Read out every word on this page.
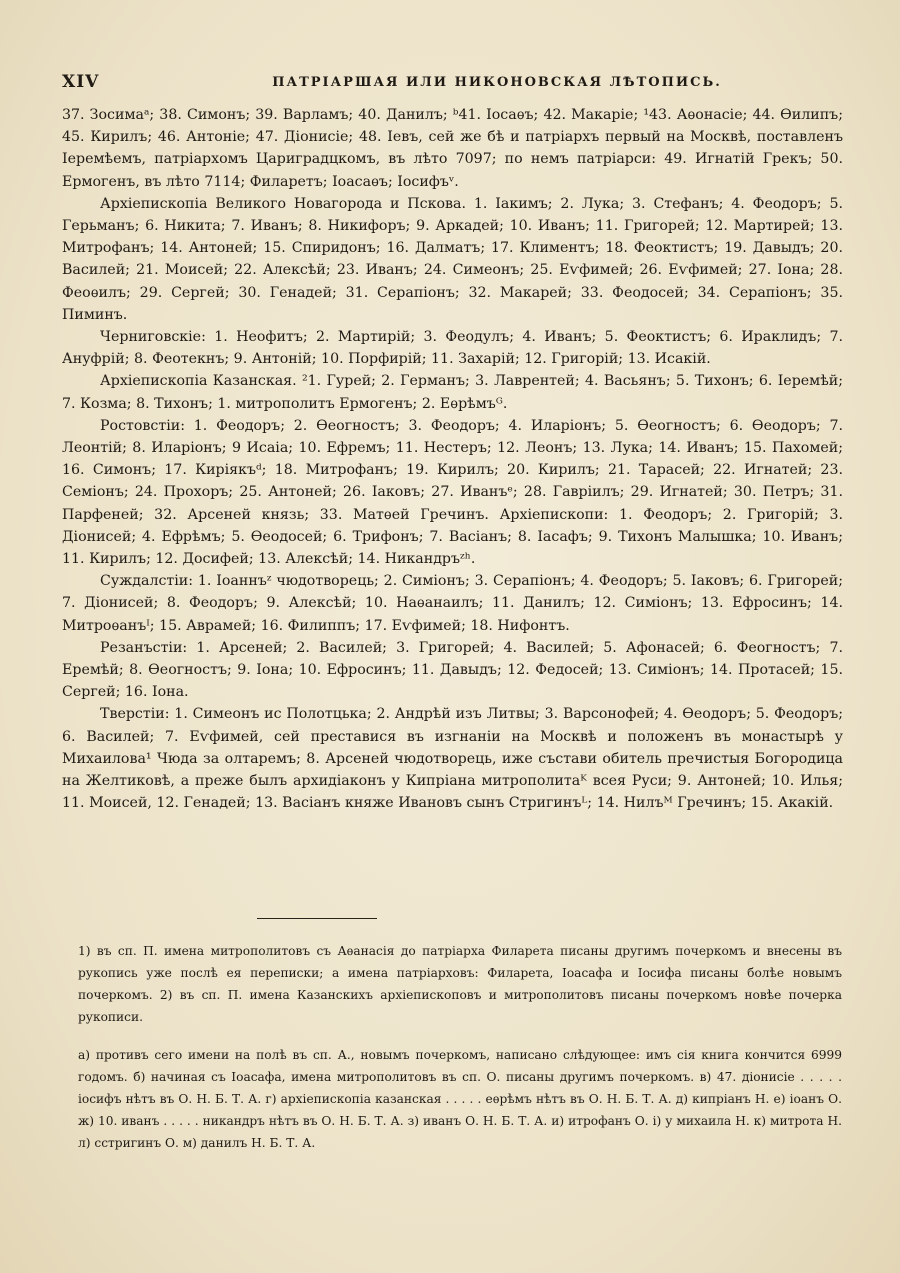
XIV	ПАТРІАРШАЯ ИЛИ НИКОНОВСКАЯ ЛѢТОПИСЬ.

37. Зосимаᵃ; 38. Симонъ; 39. Варламъ; 40. Данилъ; ᵇ41. Іосаѳъ; 42. Макаріе; ¹43. Аѳонасіе; 44. Ѳилипъ; 45. Кирилъ; 46. Антоніе; 47. Діонисіе; 48. Іевъ, сей же бѣ и патріархъ первый на Москвѣ, поставленъ Іеремѣемъ, патріархомъ Цариградцкомъ, въ лѣто 7097; по немъ патріарси: 49. Игнатій Грекъ; 50. Ермогенъ, въ лѣто 7114; Филаретъ; Іоасаѳъ; Іосифъᵛ.

Архіепископіа Великого Новагорода и Пскова. 1. Іакимъ; 2. Лука; 3. Стефанъ; 4. Феодоръ; 5. Герьманъ; 6. Никита; 7. Иванъ; 8. Никифоръ; 9. Аркадей; 10. Иванъ; 11. Григорей; 12. Мартирей; 13. Митрофанъ; 14. Антоней; 15. Спиридонъ; 16. Далматъ; 17. Климентъ; 18. Феоктистъ; 19. Давыдъ; 20. Василей; 21. Моисей; 22. Алексѣй; 23. Иванъ; 24. Симеонъ; 25. Еѵфимей; 26. Еѵфимей; 27. Іона; 28. Феоѳилъ; 29. Сергей; 30. Генадей; 31. Серапіонъ; 32. Макарей; 33. Феодосей; 34. Серапіонъ; 35. Пиминъ.

Черниговскіе: 1. Неофитъ; 2. Мартирій; 3. Феодулъ; 4. Иванъ; 5. Феоктистъ; 6. Ираклидъ; 7. Ануфрій; 8. Феотекнъ; 9. Антоній; 10. Порфирій; 11. Захарій; 12. Григорій; 13. Исакій.

Архіепископіа Казанская. ²1. Гурей; 2. Германъ; 3. Лаврентей; 4. Васьянъ; 5. Тихонъ; 6. Іеремѣй; 7. Козма; 8. Тихонъ; 1. митрополитъ Ермогенъ; 2. Еѳрѣмъᴳ.

Ростовстіи: 1. Феодоръ; 2. Ѳеогностъ; 3. Феодоръ; 4. Иларіонъ; 5. Ѳеогностъ; 6. Ѳеодоръ; 7. Леонтій; 8. Иларіонъ; 9 Исаіа; 10. Ефремъ; 11. Нестеръ; 12. Леонъ; 13. Лука; 14. Иванъ; 15. Пахомей; 16. Симонъ; 17. Киріякъᵈ; 18. Митрофанъ; 19. Кирилъ; 20. Кирилъ; 21. Тарасей; 22. Игнатей; 23. Семіонъ; 24. Прохоръ; 25. Антоней; 26. Іаковъ; 27. Иванъᵉ; 28. Гавріилъ; 29. Игнатей; 30. Петръ; 31. Парфеней; 32. Арсеней князь; 33. Матѳей Гречинъ. Архіепископи: 1. Феодоръ; 2. Григорій; 3. Діонисей; 4. Ефрѣмъ; 5. Ѳеодосей; 6. Трифонъ; 7. Васіанъ; 8. Іасафъ; 9. Тихонъ Малышка; 10. Иванъ; 11. Кирилъ; 12. Досифей; 13. Алексѣй; 14. Никандръᶻʰ.

Суждалстіи: 1. Іоаннъᶻ чюдотворець; 2. Симіонъ; 3. Серапіонъ; 4. Феодоръ; 5. Іаковъ; 6. Григорей; 7. Діонисей; 8. Феодоръ; 9. Алексѣй; 10. Наѳанаилъ; 11. Данилъ; 12. Симіонъ; 13. Ефросинъ; 14. Митроѳанъᴵ; 15. Аврамей; 16. Филиппъ; 17. Еѵфимей; 18. Нифонтъ.

Резанъстіи: 1. Арсеней; 2. Василей; 3. Григорей; 4. Василей; 5. Афонасей; 6. Феогностъ; 7. Еремѣй; 8. Ѳеогностъ; 9. Іона; 10. Ефросинъ; 11. Давыдъ; 12. Федосей; 13. Симіонъ; 14. Протасей; 15. Сергей; 16. Іона.

Тверстіи: 1. Симеонъ ис Полотцька; 2. Андрѣй изъ Литвы; 3. Варсонофей; 4. Ѳеодоръ; 5. Феодоръ; 6. Василей; 7. Еѵфимей, сей преставися въ изгнаніи на Москвѣ и положенъ въ монастырѣ у Михаилова¹ Чюда за олтаремъ; 8. Арсеней чюдотворець, иже състави обитель пречистыя Богородица на Желтиковѣ, а преже былъ архидіаконъ у Кипріана митрополитаᴷ всея Руси; 9. Антоней; 10. Илья; 11. Моисей, 12. Генадей; 13. Васіанъ княже Ивановъ сынъ Стригинъᴸ; 14. Нилъᴹ Гречинъ; 15. Акакій.

1) въ сп. П. имена митрополитовъ съ Аѳанасія до патріарха Филарета писаны другимъ почеркомъ и внесены въ рукопись уже послѣ ея переписки; а имена патріарховъ: Филарета, Іоасафа и Іосифа писаны болѣе новымъ почеркомъ. 2) въ сп. П. имена Казанскихъ архіепископовъ и митрополитовъ писаны почеркомъ новѣе почерка рукописи.

а) противъ сего имени на полѣ въ сп. А., новымъ почеркомъ, написано слѣдующее: имъ сія книга кончится 6999 годомъ. б) начиная съ Іоасафа, имена митрополитовъ въ сп. О. писаны другимъ почеркомъ. в) 47. діонисіе . . . . . іосифъ нѣтъ въ О. Н. Б. Т. А. г) архіепископіа казанская . . . . . еѳрѣмъ нѣтъ въ О. Н. Б. Т. А. д) кипріанъ Н. е) іоанъ О. ж) 10. иванъ . . . . . никандръ нѣтъ въ О. Н. Б. Т. А. з) иванъ О. Н. Б. Т. А. и) итрофанъ О. і) у михаила Н. к) митрота Н. л) сстригинъ О. м) данилъ Н. Б. Т. А.
